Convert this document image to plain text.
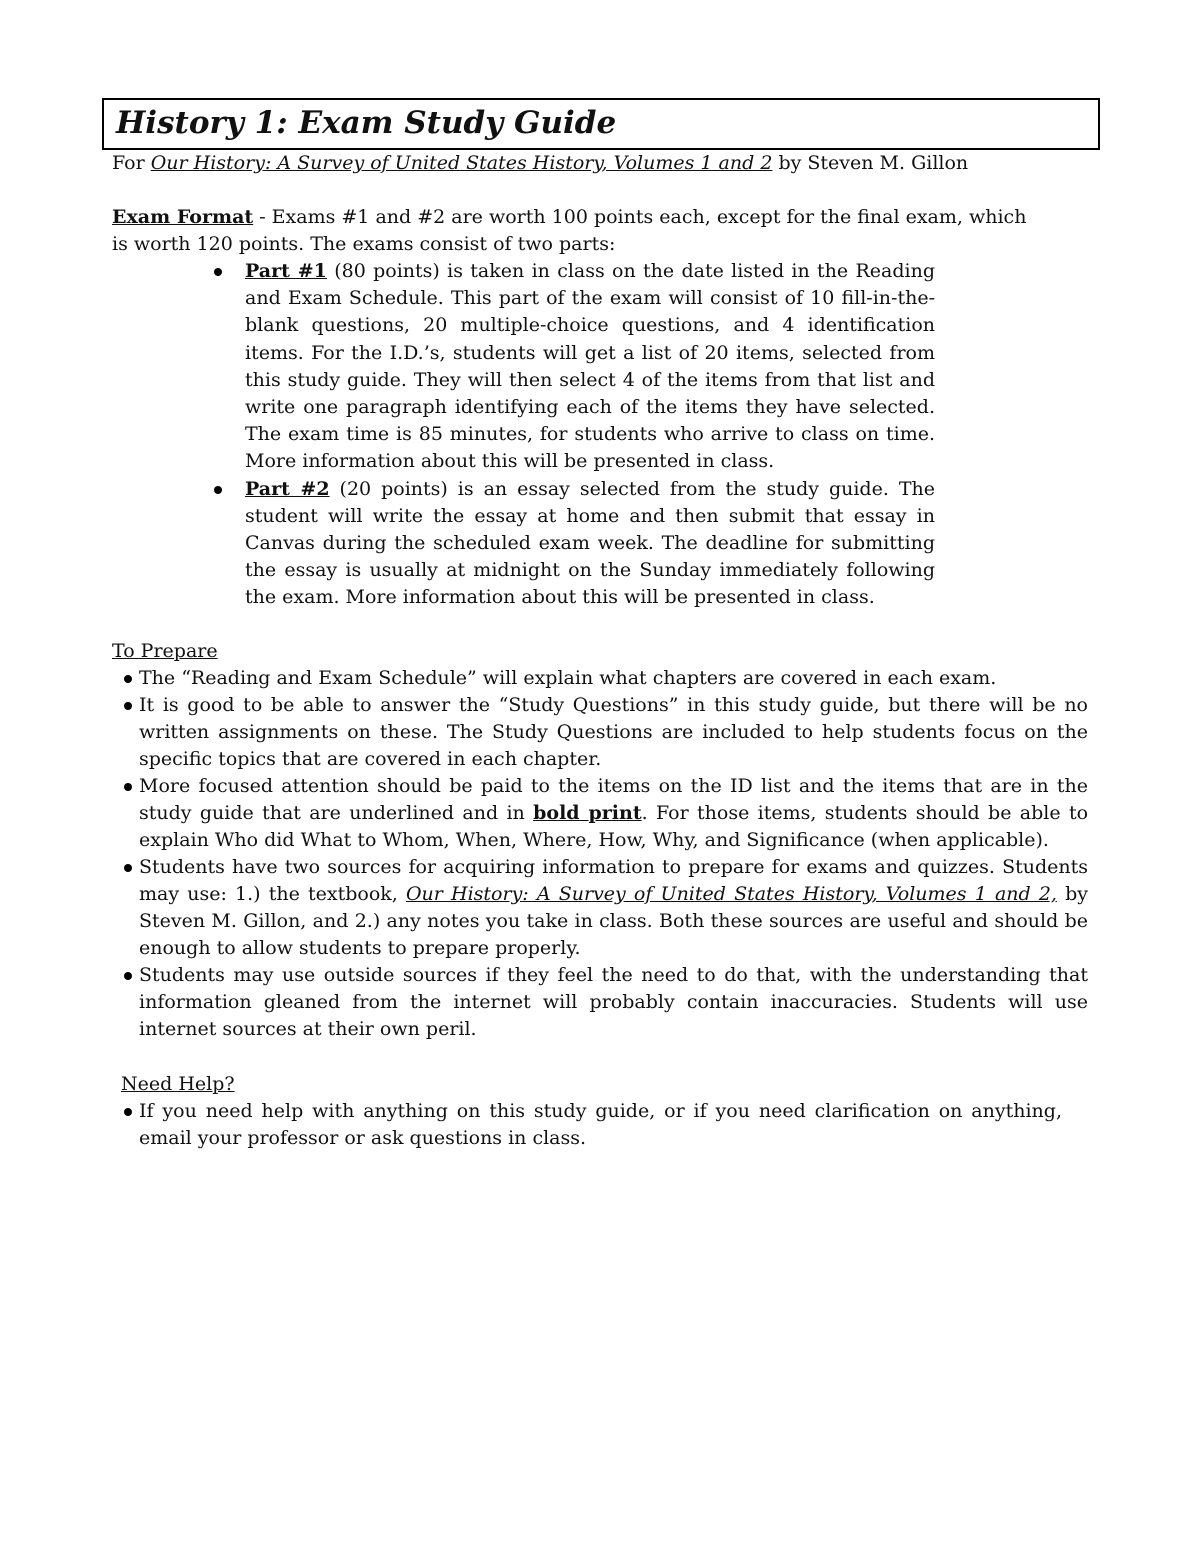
History 1: Exam Study Guide
For Our History: A Survey of United States History, Volumes 1 and 2 by Steven M. Gillon
Exam Format - Exams #1 and #2 are worth 100 points each, except for the final exam, which is worth 120 points. The exams consist of two parts:
Part #1 (80 points) is taken in class on the date listed in the Reading and Exam Schedule. This part of the exam will consist of 10 fill-in-the-blank questions, 20 multiple-choice questions, and 4 identification items. For the I.D.’s, students will get a list of 20 items, selected from this study guide. They will then select 4 of the items from that list and write one paragraph identifying each of the items they have selected. The exam time is 85 minutes, for students who arrive to class on time. More information about this will be presented in class.
Part #2 (20 points) is an essay selected from the study guide. The student will write the essay at home and then submit that essay in Canvas during the scheduled exam week. The deadline for submitting the essay is usually at midnight on the Sunday immediately following the exam. More information about this will be presented in class.
To Prepare
The “Reading and Exam Schedule” will explain what chapters are covered in each exam.
It is good to be able to answer the “Study Questions” in this study guide, but there will be no written assignments on these. The Study Questions are included to help students focus on the specific topics that are covered in each chapter.
More focused attention should be paid to the items on the ID list and the items that are in the study guide that are underlined and in bold print. For those items, students should be able to explain Who did What to Whom, When, Where, How, Why, and Significance (when applicable).
Students have two sources for acquiring information to prepare for exams and quizzes. Students may use: 1.) the textbook, Our History: A Survey of United States History, Volumes 1 and 2, by Steven M. Gillon, and 2.) any notes you take in class. Both these sources are useful and should be enough to allow students to prepare properly.
Students may use outside sources if they feel the need to do that, with the understanding that information gleaned from the internet will probably contain inaccuracies. Students will use internet sources at their own peril.
Need Help?
If you need help with anything on this study guide, or if you need clarification on anything, email your professor or ask questions in class.
